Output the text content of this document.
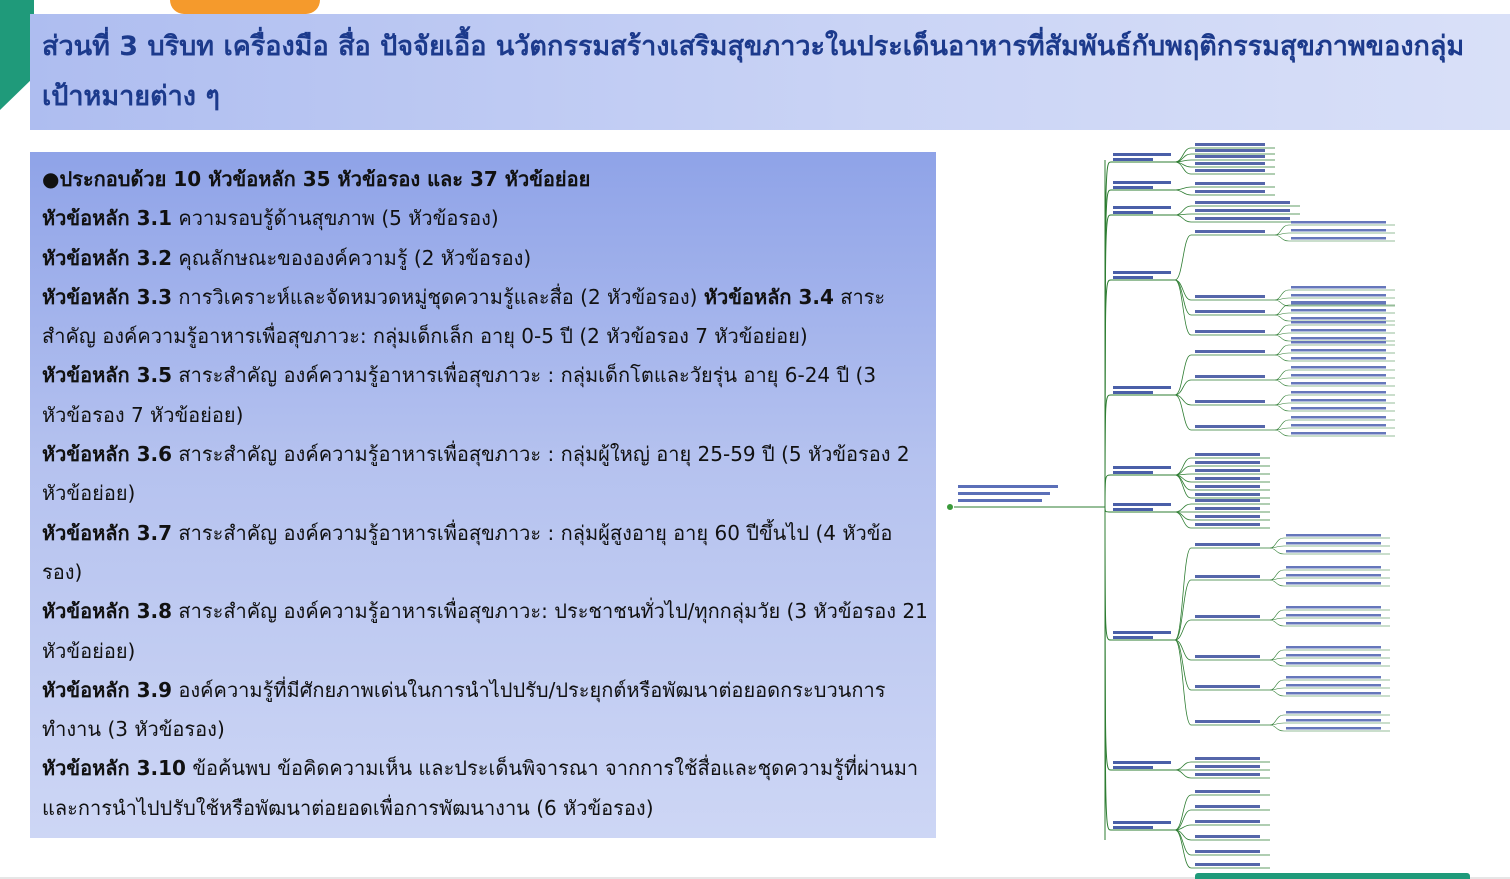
ส่วนที่ 3 บริบท เครื่องมือ สื่อ ปัจจัยเอื้อ นวัตกรรมสร้างเสริมสุขภาวะในประเด็นอาหารที่สัมพันธ์กับพฤติกรรมสุขภาพของกลุ่มเป้าหมายต่าง ๆ

●ประกอบด้วย 10 หัวข้อหลัก 35 หัวข้อรอง และ 37 หัวข้อย่อย

หัวข้อหลัก 3.1 ความรอบรู้ด้านสุขภาพ (5 หัวข้อรอง)

หัวข้อหลัก 3.2 คุณลักษณะขององค์ความรู้ (2 หัวข้อรอง)

หัวข้อหลัก 3.3 การวิเคราะห์และจัดหมวดหมู่ชุดความรู้และสื่อ (2 หัวข้อรอง) หัวข้อหลัก 3.4 สาระสำคัญ องค์ความรู้อาหารเพื่อสุขภาวะ: กลุ่มเด็กเล็ก อายุ 0-5 ปี (2 หัวข้อรอง 7 หัวข้อย่อย)

หัวข้อหลัก 3.5 สาระสำคัญ องค์ความรู้อาหารเพื่อสุขภาวะ : กลุ่มเด็กโตและวัยรุ่น อายุ 6-24 ปี (3 หัวข้อรอง 7 หัวข้อย่อย)

หัวข้อหลัก 3.6 สาระสำคัญ องค์ความรู้อาหารเพื่อสุขภาวะ : กลุ่มผู้ใหญ่ อายุ 25-59 ปี (5 หัวข้อรอง 2 หัวข้อย่อย)

หัวข้อหลัก 3.7 สาระสำคัญ องค์ความรู้อาหารเพื่อสุขภาวะ : กลุ่มผู้สูงอายุ อายุ 60 ปีขึ้นไป (4 หัวข้อรอง)

หัวข้อหลัก 3.8 สาระสำคัญ องค์ความรู้อาหารเพื่อสุขภาวะ: ประชาชนทั่วไป/ทุกกลุ่มวัย (3 หัวข้อรอง 21 หัวข้อย่อย)

หัวข้อหลัก 3.9 องค์ความรู้ที่มีศักยภาพเด่นในการนำไปปรับ/ประยุกต์หรือพัฒนาต่อยอดกระบวนการทำงาน (3 หัวข้อรอง)

หัวข้อหลัก 3.10 ข้อค้นพบ ข้อคิดความเห็น และประเด็นพิจารณา จากการใช้สื่อและชุดความรู้ที่ผ่านมา และการนำไปปรับใช้หรือพัฒนาต่อยอดเพื่อการพัฒนางาน (6 หัวข้อรอง)
